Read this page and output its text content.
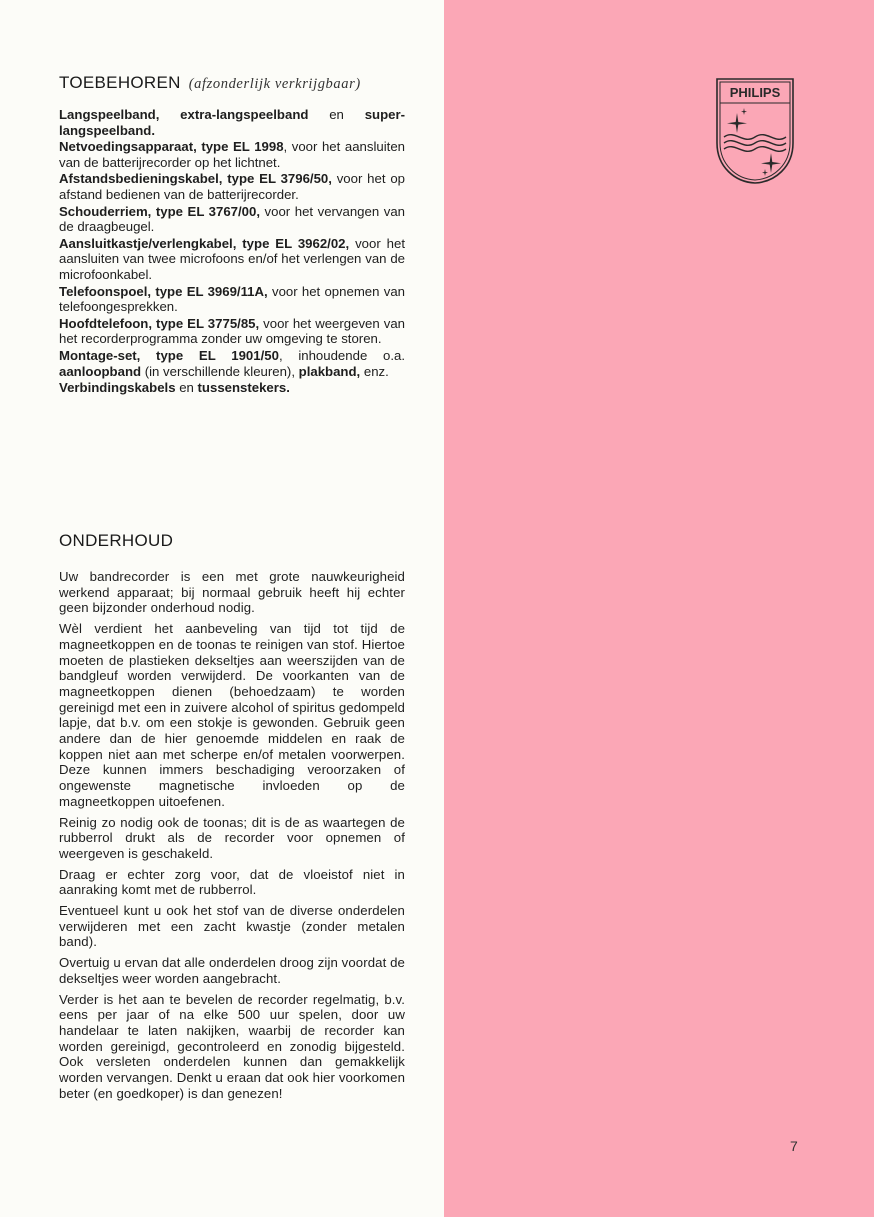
TOEBEHOREN (afzonderlijk verkrijgbaar)

Langspeelband, extra-langspeelband en super-langspeelband.

Netvoedingsapparaat, type EL 1998, voor het aansluiten van de batterijrecorder op het lichtnet.

Afstandsbedieningskabel, type EL 3796/50, voor het op afstand bedienen van de batterijrecorder.

Schouderriem, type EL 3767/00, voor het vervangen van de draagbeugel.

Aansluitkastje/verlengkabel, type EL 3962/02, voor het aansluiten van twee microfoons en/of het verlengen van de microfoonkabel.

Telefoonspoel, type EL 3969/11A, voor het opnemen van telefoongesprekken.

Hoofdtelefoon, type EL 3775/85, voor het weergeven van het recorderprogramma zonder uw omgeving te storen.

Montage-set, type EL 1901/50, inhoudende o.a. aanloopband (in verschillende kleuren), plakband, enz.

Verbindingskabels en tussenstekers.

ONDERHOUD

Uw bandrecorder is een met grote nauwkeurigheid werkend apparaat; bij normaal gebruik heeft hij echter geen bijzonder onderhoud nodig.

Wèl verdient het aanbeveling van tijd tot tijd de magneetkoppen en de toonas te reinigen van stof. Hiertoe moeten de plastieken dekseltjes aan weerszijden van de bandgleuf worden verwijderd. De voorkanten van de magneetkoppen dienen (behoedzaam) te worden gereinigd met een in zuivere alcohol of spiritus gedompeld lapje, dat b.v. om een stokje is gewonden. Gebruik geen andere dan de hier genoemde middelen en raak de koppen niet aan met scherpe en/of metalen voorwerpen. Deze kunnen immers beschadiging veroorzaken of ongewenste magnetische invloeden op de magneetkoppen uitoefenen.

Reinig zo nodig ook de toonas; dit is de as waartegen de rubberrol drukt als de recorder voor opnemen of weergeven is geschakeld.

Draag er echter zorg voor, dat de vloeistof niet in aanraking komt met de rubberrol.

Eventueel kunt u ook het stof van de diverse onderdelen verwijderen met een zacht kwastje (zonder metalen band).

Overtuig u ervan dat alle onderdelen droog zijn voordat de dekseltjes weer worden aangebracht.

Verder is het aan te bevelen de recorder regelmatig, b.v. eens per jaar of na elke 500 uur spelen, door uw handelaar te laten nakijken, waarbij de recorder kan worden gereinigd, gecontroleerd en zonodig bijgesteld. Ook versleten onderdelen kunnen dan gemakkelijk worden vervangen. Denkt u eraan dat ook hier voorkomen beter (en goedkoper) is dan genezen!

PHILIPS
7
